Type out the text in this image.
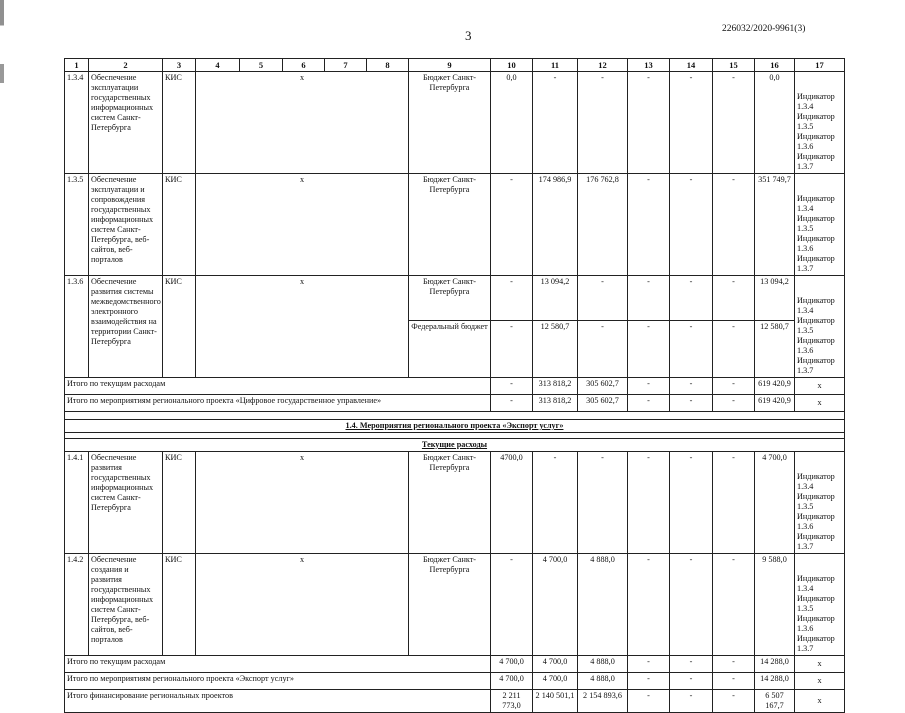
3	226032/2020-9961(3)
1	2	3	4	5	6	7	8	9	10	11	12	13	14	15	16	17
1.3.4	Обеспечение эксплуатации государственных информационных систем Санкт-Петербурга	КИС	x					Бюджет Санкт-Петербурга	0,0	-	-	-	-	-	0,0	Индикатор 1.3.4 Индикатор 1.3.5 Индикатор 1.3.6 Индикатор 1.3.7
1.3.5	Обеспечение эксплуатации и сопровождения государственных информационных систем Санкт-Петербурга, веб-сайтов, веб-порталов	КИС	x					Бюджет Санкт-Петербурга	-	174 986,9	176 762,8	-	-	-	351 749,7	Индикатор 1.3.4 Индикатор 1.3.5 Индикатор 1.3.6 Индикатор 1.3.7
1.3.6	Обеспечение развития системы межведомственного электронного взаимодействия на территории Санкт-Петербурга	КИС	x					Бюджет Санкт-Петербурга	-	13 094,2	-	-	-	-	13 094,2	Индикатор 1.3.4 Индикатор 1.3.5 Индикатор 1.3.6 Индикатор 1.3.7
								Федеральный бюджет	-	12 580,7	-	-	-	-	12 580,7	
Итого по текущим расходам									-	313 818,2	305 602,7	-	-	-	619 420,9	x
Итого по мероприятиям регионального проекта «Цифровое государственное управление»									-	313 818,2	305 602,7	-	-	-	619 420,9	x

1.4. Мероприятия регионального проекта «Экспорт услуг»																

Текущие расходы																
1.4.1	Обеспечение развития государственных информационных систем Санкт-Петербурга	КИС	x					Бюджет Санкт-Петербурга	4700,0	-	-	-	-	-	4 700,0	Индикатор 1.3.4 Индикатор 1.3.5 Индикатор 1.3.6 Индикатор 1.3.7
1.4.2	Обеспечение создания и развития государственных информационных систем Санкт-Петербурга, веб-сайтов, веб-порталов	КИС	x					Бюджет Санкт-Петербурга	-	4 700,0	4 888,0	-	-	-	9 588,0	Индикатор 1.3.4 Индикатор 1.3.5 Индикатор 1.3.6 Индикатор 1.3.7
Итого по текущим расходам									4 700,0	4 700,0	4 888,0	-	-	-	14 288,0	x
Итого по мероприятиям регионального проекта «Экспорт услуг»									4 700,0	4 700,0	4 888,0	-	-	-	14 288,0	x
Итого финансирование региональных проектов									2 211 773,0	2 140 501,1	2 154 893,6	-	-	-	6 507 167,7	x
